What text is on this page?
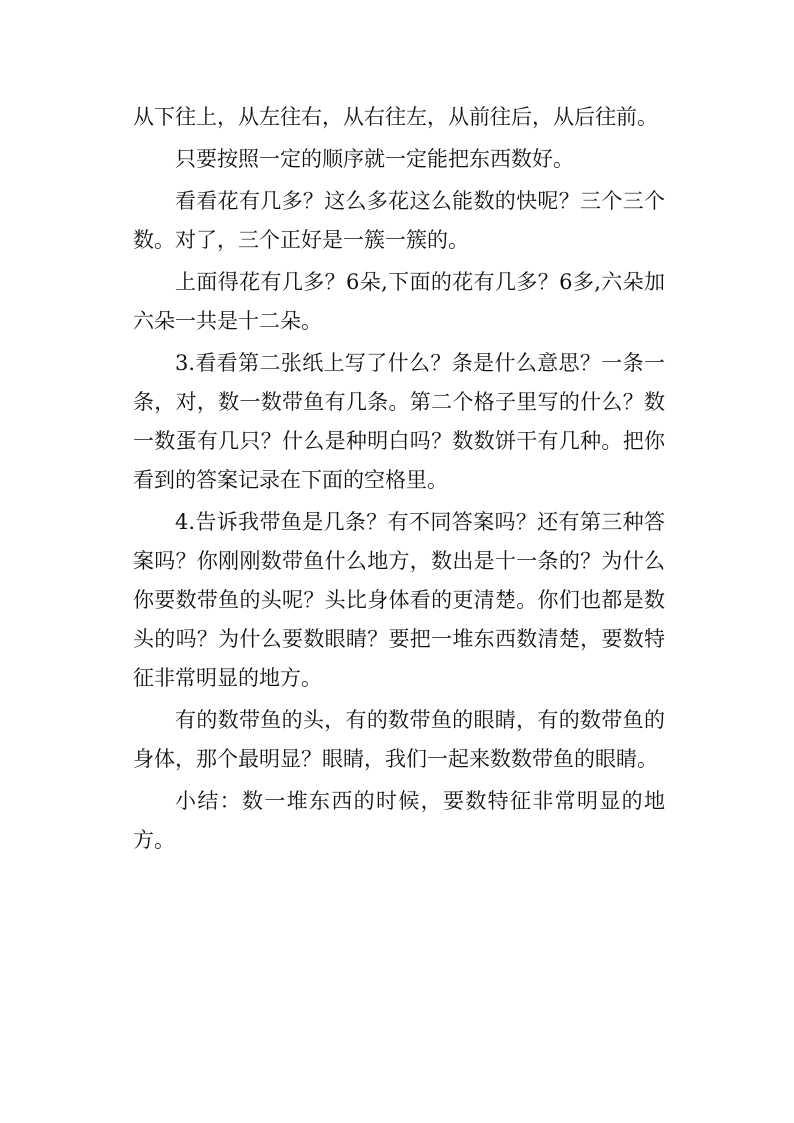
从下往上，从左往右，从右往左，从前往后，从后往前。

只要按照一定的顺序就一定能把东西数好。

看看花有几多？这么多花这么能数的快呢？三个三个数。对了，三个正好是一簇一簇的。

上面得花有几多？6朵,下面的花有几多？6多,六朵加六朵一共是十二朵。

3.看看第二张纸上写了什么？条是什么意思？一条一条，对，数一数带鱼有几条。第二个格子里写的什么？数一数蛋有几只？什么是种明白吗？数数饼干有几种。把你看到的答案记录在下面的空格里。

4.告诉我带鱼是几条？有不同答案吗？还有第三种答案吗？你刚刚数带鱼什么地方，数出是十一条的？为什么你要数带鱼的头呢？头比身体看的更清楚。你们也都是数头的吗？为什么要数眼睛？要把一堆东西数清楚，要数特征非常明显的地方。

有的数带鱼的头，有的数带鱼的眼睛，有的数带鱼的身体，那个最明显？眼睛，我们一起来数数带鱼的眼睛。

小结：数一堆东西的时候，要数特征非常明显的地方。
